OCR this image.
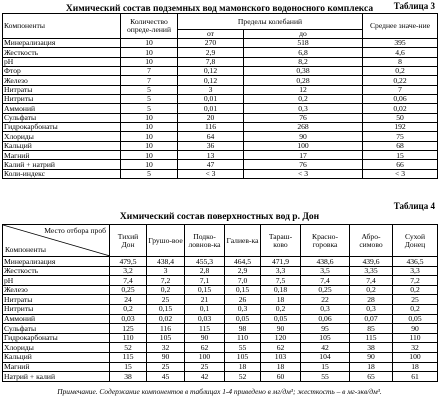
Таблица 3
Химический состав подземных вод мамонского водоносного комплекса
Компоненты	Количество опреде-лений	Пределы колебаний		Среднее значе-ние
		от	до	
Минерализация	10	270	518	395
Жесткость	10	2,9	6,8	4,6
pH	10	7,8	8,2	8
Фтор	7	0,12	0,38	0,2
Железо	7	0,12	0,28	0,22
Нитраты	5	3	12	7
Нитриты	5	0,01	0,2	0,06
Аммоний	5	0,01	0,3	0,02
Сульфаты	10	20	76	50
Гидрокарбонаты	10	116	268	192
Хлориды	10	64	90	75
Кальций	10	36	100	68
Магний	10	13	17	15
Калий + натрий	10	47	76	66
Коли-индекс	5	< 3	< 3	< 3
Таблица 4
Химический состав поверхностных вод р. Дон
Место отбора проб
Компоненты	Тихий Дон	Грушо-вое	Подко-ловнов-ка	Галиев-ка	Тараш-ково	Красно-горовка	Абро-симово	Сухой Донец
Минерализация	479,5	438,4	455,3	464,5	471,9	438,6	439,6	436,5
Жесткость	3,2	3	2,8	2,9	3,3	3,5	3,35	3,3
pH	7,4	7,2	7,1	7,0	7,5	7,4	7,4	7,2
Железо	0,25	0,2	0,15	0,15	0,18	0,25	0,2	0,2
Нитраты	24	25	21	26	18	22	28	25
Нитриты	0,2	0,15	0,1	0,3	0,2	0,3	0,3	0,2
Аммоний	0,03	0,02	0,03	0,05	0,05	0,06	0,07	0,05
Сульфаты	125	116	115	98	90	95	85	90
Гидрокарбонаты	110	105	90	110	120	105	115	110
Хлориды	52	32	62	55	62	42	38	32
Кальций	115	90	100	105	103	104	90	100
Магний	15	25	25	18	18	15	18	18
Натрий + калий	38	45	42	52	60	55	65	61
Примечание. Содержание компонентов в таблицах 1-4 приведено в мг/дм³; жесткость – в мг-экв/дм³.
